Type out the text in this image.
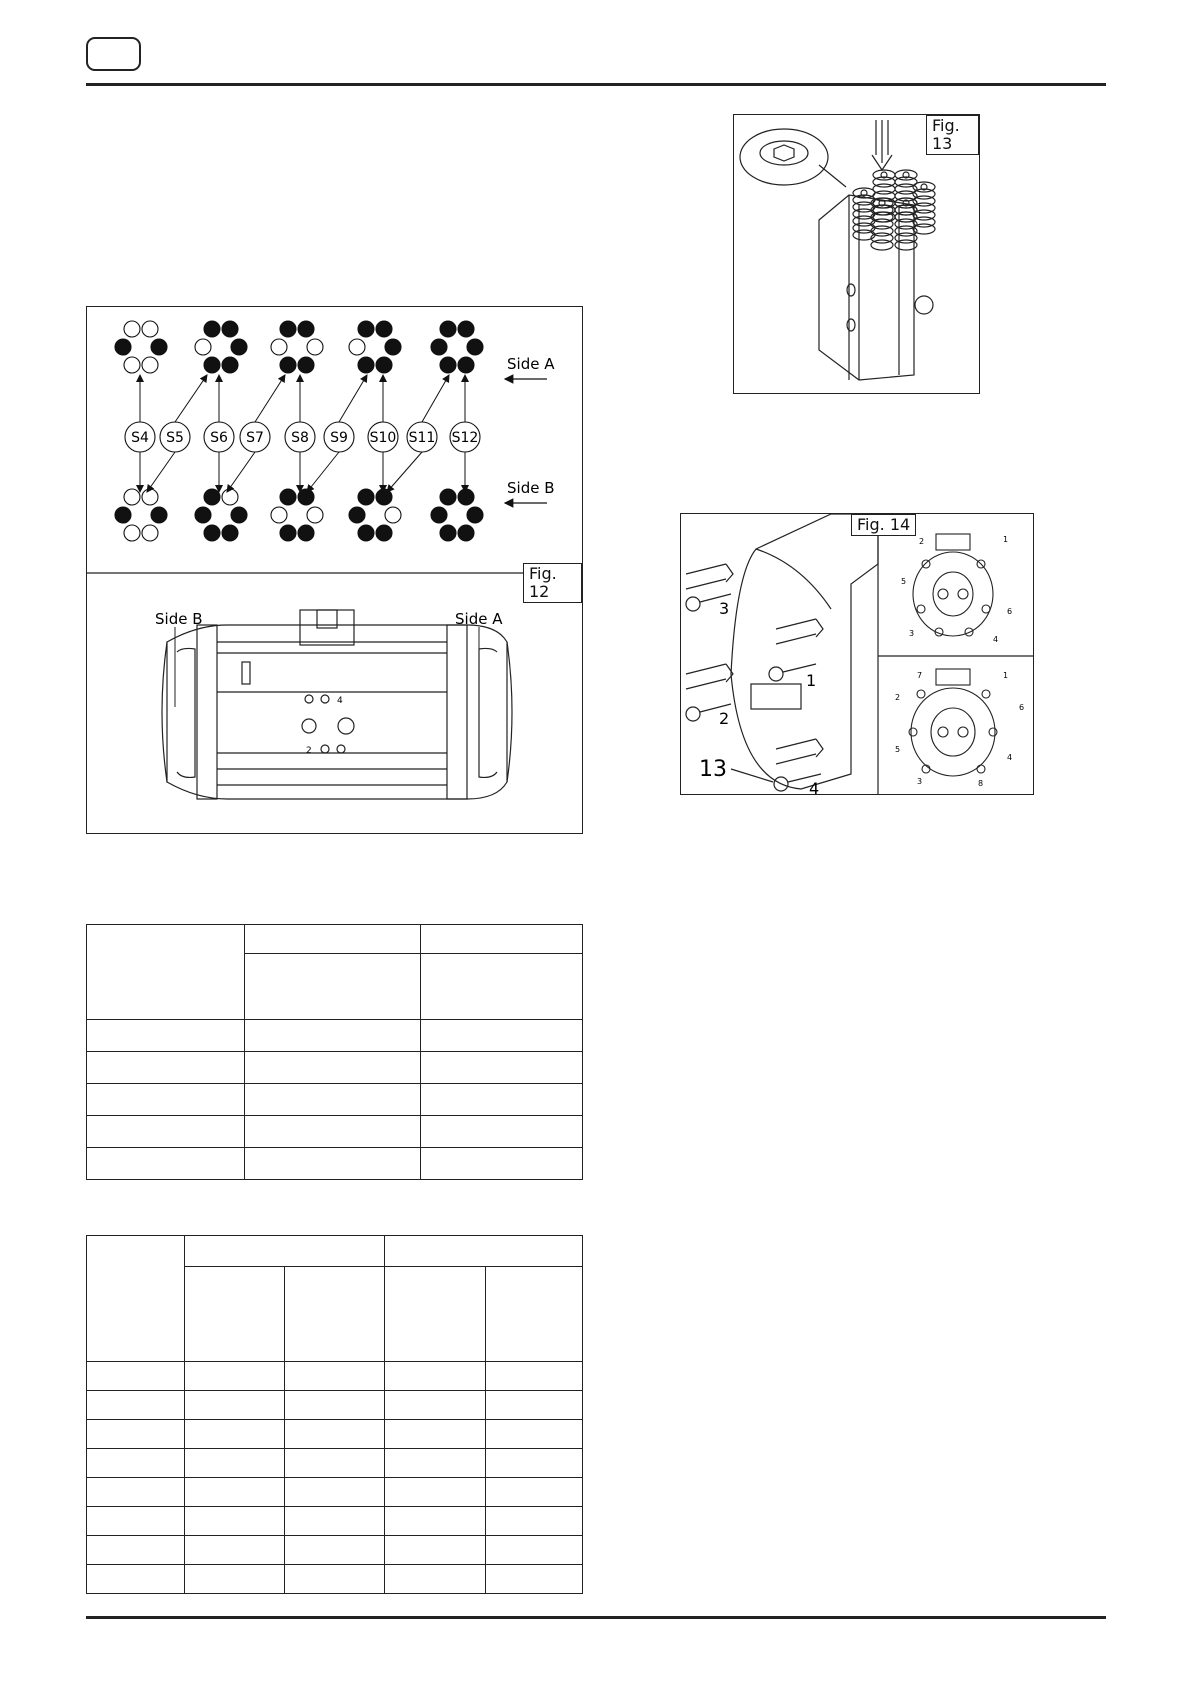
S4 S5 S6 S7 S8 S9 S10 S11 S12
Side A
Side B
4
2
Side B	Side A
Fig. 12
Fig. 13
3
1
2
13
4
2	1
5
6
3
4
7	1
2
6
5
4
3	8
Fig. 14
